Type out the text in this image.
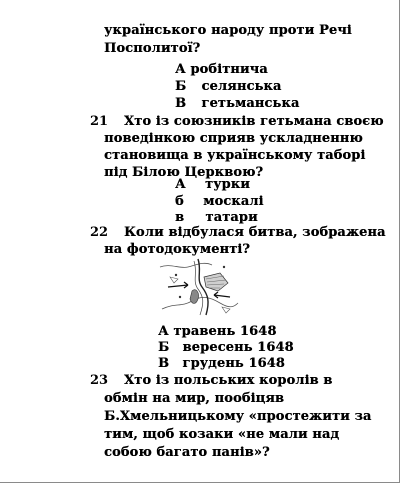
українського народу проти Речі
Посполитої?
А робітнича
Б селянська
В гетьманська
21 Хто із союзників гетьмана своєю
поведінкою сприяв ускладненню
становища в українському таборі
під Білою Церквою?
А турки
б москалі
в татари
22 Коли відбулася битва, зображена
на фотодокументі?
А травень 1648
Б вересень 1648
В грудень 1648
23 Хто із польських королів в
обмін на мир, пообіцяв
Б.Хмельницькому «простежити за
тим, щоб козаки «не мали над
собою багато панів»?
